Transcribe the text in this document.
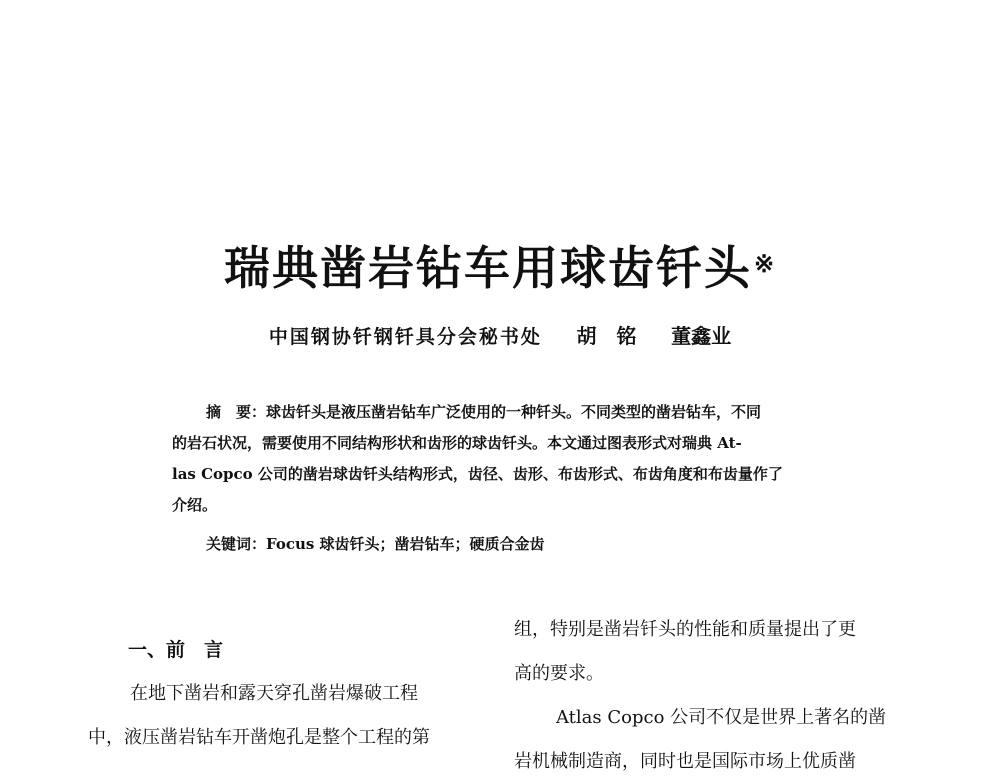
瑞典凿岩钻车用球齿钎头※
中国钢协钎钢钎具分会秘书处 胡　铭 董鑫业
摘　要：球齿钎头是液压凿岩钻车广泛使用的一种钎头。不同类型的凿岩钻车，不同
的岩石状况，需要使用不同结构形状和齿形的球齿钎头。本文通过图表形式对瑞典 At-
las Copco 公司的凿岩球齿钎头结构形式，齿径、齿形、布齿形式、布齿角度和布齿量作了
介绍。
关键词：Focus 球齿钎头；凿岩钻车；硬质合金齿
一、前　言
在地下凿岩和露天穿孔凿岩爆破工程
中，液压凿岩钻车开凿炮孔是整个工程的第
组，特别是凿岩钎头的性能和质量提出了更
高的要求。
Atlas Copco 公司不仅是世界上著名的凿
岩机械制造商，同时也是国际市场上优质凿
